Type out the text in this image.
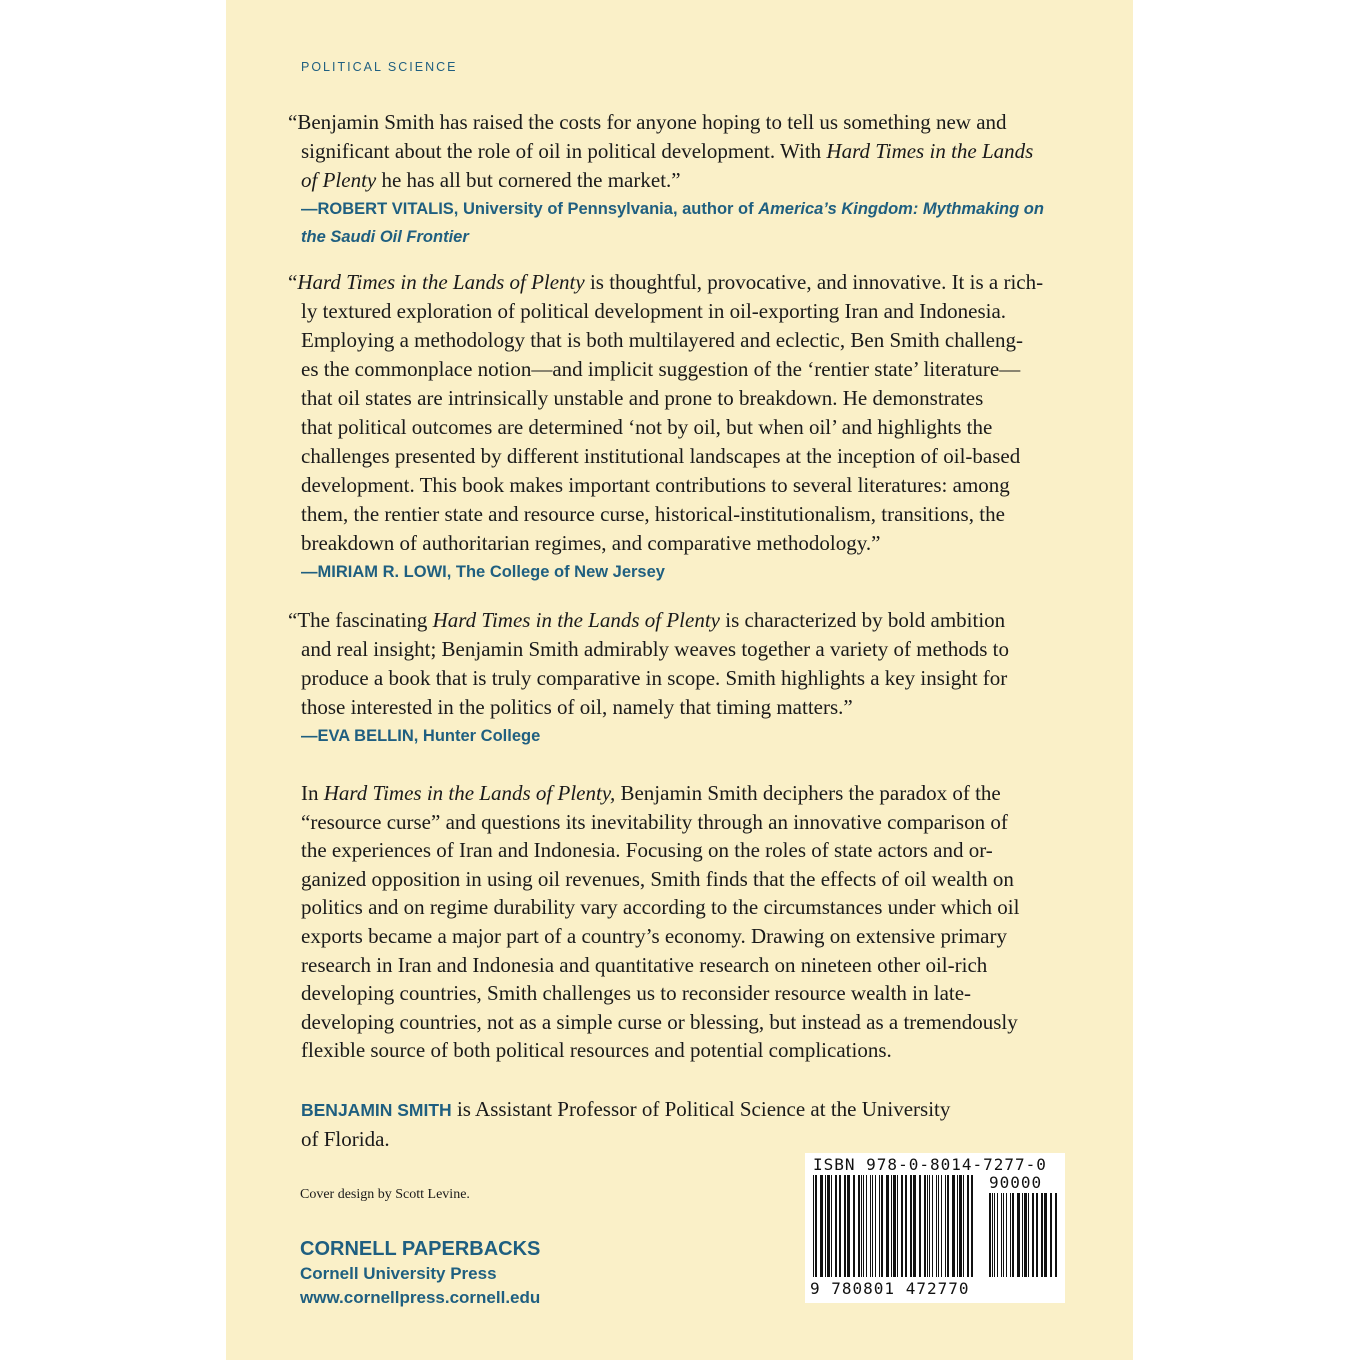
POLITICAL SCIENCE
“Benjamin Smith has raised the costs for anyone hoping to tell us something new and
significant about the role of oil in political development. With Hard Times in the Lands
of Plenty he has all but cornered the market.”
—ROBERT VITALIS, University of Pennsylvania, author of America’s Kingdom: Mythmaking on
the Saudi Oil Frontier
“Hard Times in the Lands of Plenty is thoughtful, provocative, and innovative. It is a rich-
ly textured exploration of political development in oil-exporting Iran and Indonesia.
Employing a methodology that is both multilayered and eclectic, Ben Smith challeng-
es the commonplace notion—and implicit suggestion of the ‘rentier state’ literature—
that oil states are intrinsically unstable and prone to breakdown. He demonstrates
that political outcomes are determined ‘not by oil, but when oil’ and highlights the
challenges presented by different institutional landscapes at the inception of oil-based
development. This book makes important contributions to several literatures: among
them, the rentier state and resource curse, historical-institutionalism, transitions, the
breakdown of authoritarian regimes, and comparative methodology.”
—MIRIAM R. LOWI, The College of New Jersey
“The fascinating Hard Times in the Lands of Plenty is characterized by bold ambition
and real insight; Benjamin Smith admirably weaves together a variety of methods to
produce a book that is truly comparative in scope. Smith highlights a key insight for
those interested in the politics of oil, namely that timing matters.”
—EVA BELLIN, Hunter College
In Hard Times in the Lands of Plenty, Benjamin Smith deciphers the paradox of the
“resource curse” and questions its inevitability through an innovative comparison of
the experiences of Iran and Indonesia. Focusing on the roles of state actors and or-
ganized opposition in using oil revenues, Smith finds that the effects of oil wealth on
politics and on regime durability vary according to the circumstances under which oil
exports became a major part of a country’s economy. Drawing on extensive primary
research in Iran and Indonesia and quantitative research on nineteen other oil-rich
developing countries, Smith challenges us to reconsider resource wealth in late-
developing countries, not as a simple curse or blessing, but instead as a tremendously
flexible source of both political resources and potential complications.
BENJAMIN SMITH is Assistant Professor of Political Science at the University
of Florida.
Cover design by Scott Levine.
CORNELL PAPERBACKS
Cornell University Press
www.cornellpress.cornell.edu
ISBN 978-0-8014-7277-0
90000
9 780801 472770
